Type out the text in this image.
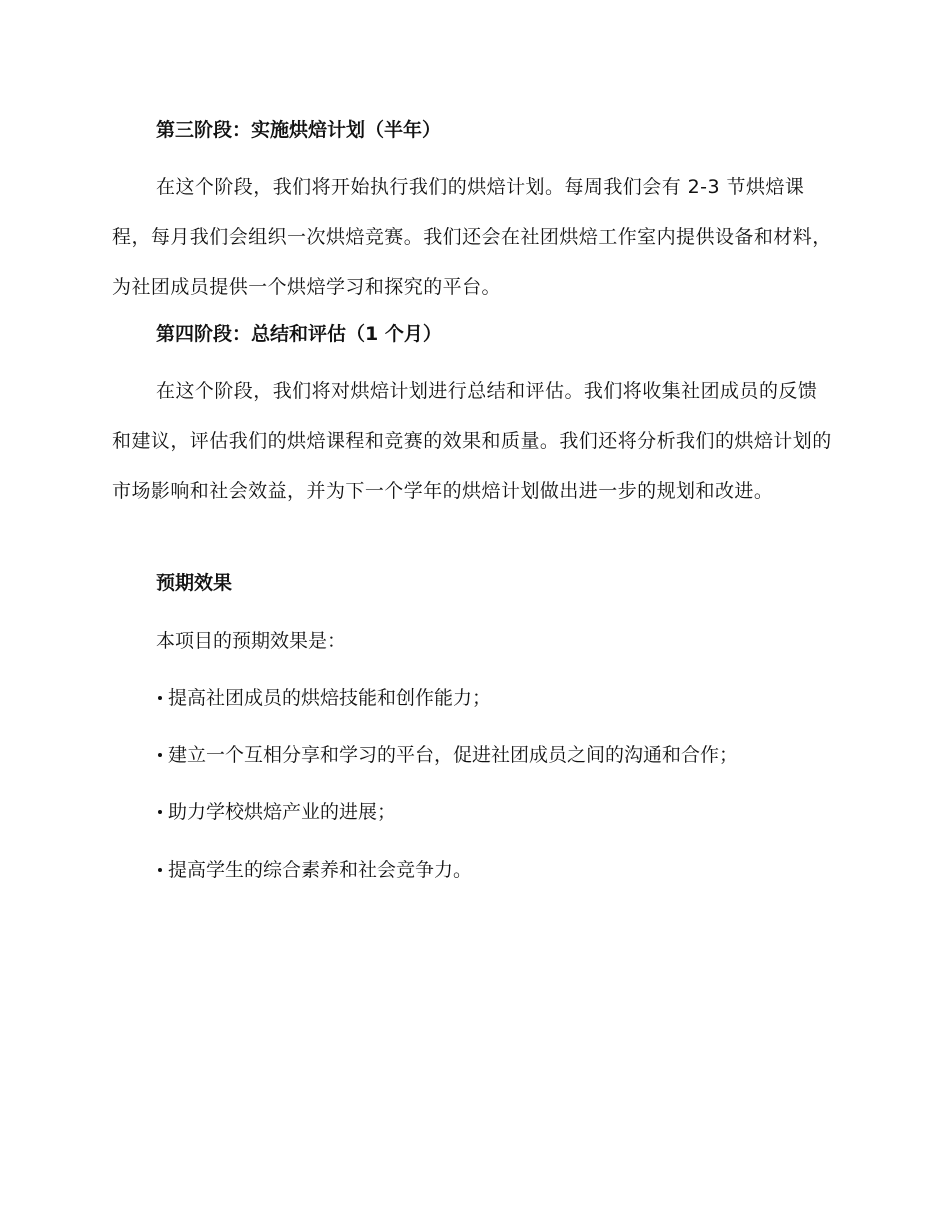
第三阶段：实施烘焙计划（半年）
在这个阶段，我们将开始执行我们的烘焙计划。每周我们会有 2-3 节烘焙课程，每月我们会组织一次烘焙竞赛。我们还会在社团烘焙工作室内提供设备和材料，为社团成员提供一个烘焙学习和探究的平台。
第四阶段：总结和评估（1 个月）
在这个阶段，我们将对烘焙计划进行总结和评估。我们将收集社团成员的反馈和建议，评估我们的烘焙课程和竞赛的效果和质量。我们还将分析我们的烘焙计划的市场影响和社会效益，并为下一个学年的烘焙计划做出进一步的规划和改进。
预期效果
本项目的预期效果是：
提高社团成员的烘焙技能和创作能力；
建立一个互相分享和学习的平台，促进社团成员之间的沟通和合作；
助力学校烘焙产业的进展；
提高学生的综合素养和社会竞争力。
